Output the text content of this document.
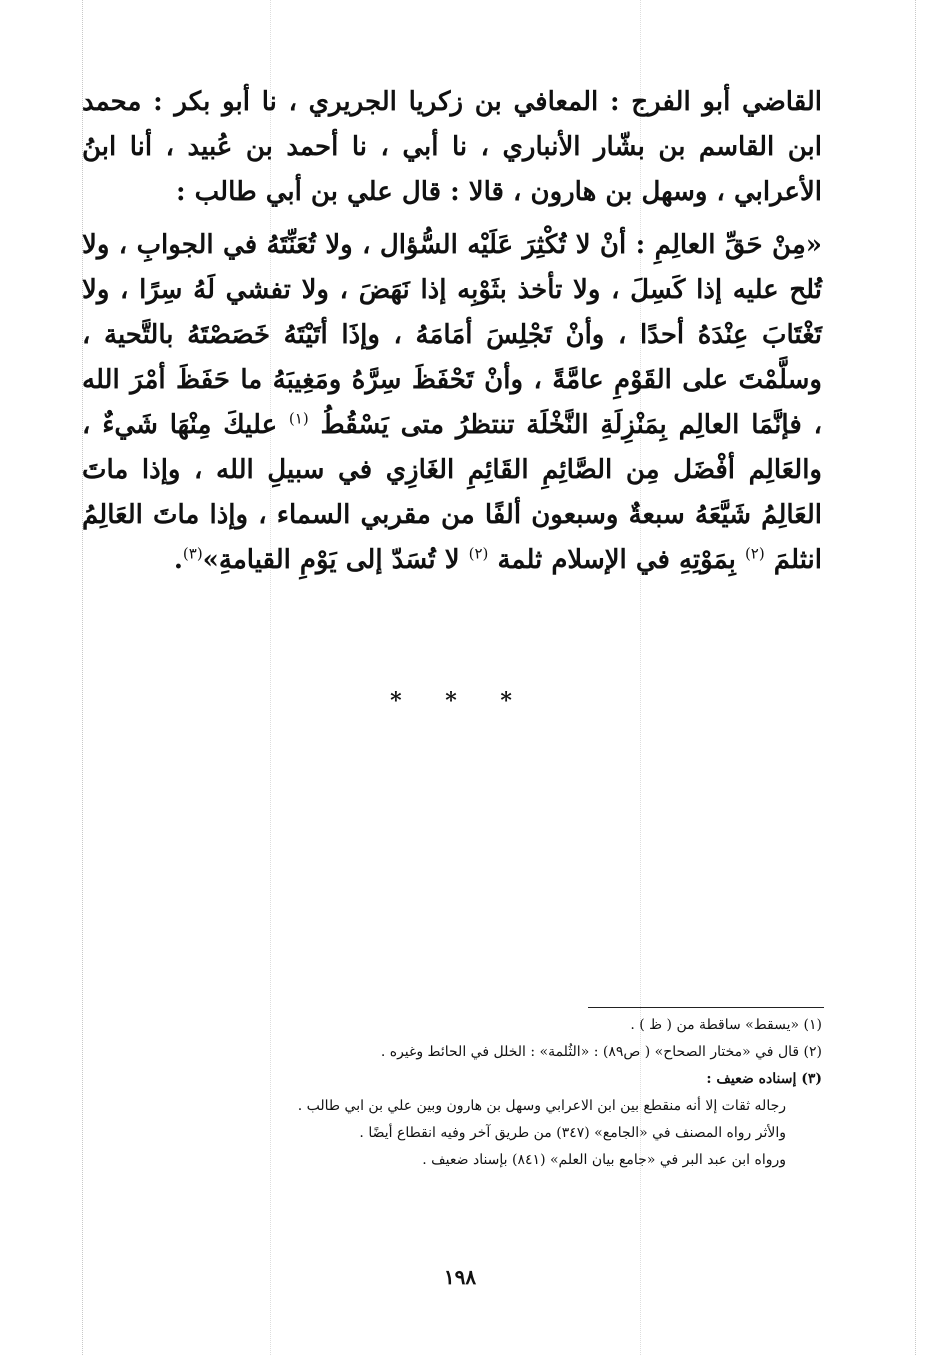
القاضي أبو الفرج : المعافي بن زكريا الجريري ، نا أبو بكر : محمد ابن القاسم بن بشّار الأنباري ، نا أبي ، نا أحمد بن عُبيد ، أنا ابنُ الأعرابي ، وسهل بن هارون ، قالا : قال علي بن أبي طالب :

«مِنْ حَقِّ العالِمِ : أنْ لا تُكْثِرَ عَلَيْه السُّؤال ، ولا تُعَنِّتَهُ في الجوابِ ، ولا تُلح عليه إذا كَسِلَ ، ولا تأخذ بثَوْبِه إذا نَهَضَ ، ولا تفشي لَهُ سِرًا ، ولا تَغْتَابَ عِنْدَهُ أحدًا ، وأنْ تَجْلِسَ أمَامَهُ ، وإذَا أتَيْتَهُ خَصَصْتَهُ بالتَّحية ، وسلَّمْتَ على القَوْمِ عامَّةً ، وأنْ تَحْفَظَ سِرَّهُ ومَغِيبَهُ ما حَفَظَ أمْرَ الله ، فإنَّمَا العالِم بِمَنْزِلَةِ النَّخْلَة تنتظرُ متى يَسْقُطُ $^{(١)}$ عليكَ مِنْهَا شَيءٌ ، والعَالِم أفْضَل مِن الصَّائِمِ القَائِمِ الغَازِي في سبيلِ الله ، وإذا ماتَ العَالِمُ شَيَّعَهُ سبعةٌ وسبعون ألفًا من مقربي السماء ، وإذا ماتَ العَالِمُ انثلمَ $^{(٢)}$ بِمَوْتِهِ في الإسلام ثلمة $^{(٢)}$ لا تُسَدّ إلى يَوْمِ القيامةِ»$^{(٣)}$.

* * *

(١) «يسقط» ساقطة من ( ظ ) .

(٢) قال في «مختار الصحاح» ( ص٨٩) : «الثُلمة» : الخلل في الحائط وغيره .

(٣) إسناده ضعيف :

رجاله ثقات إلا أنه منقطع بين ابن الاعرابي وسهل بن هارون وبين علي بن ابي طالب .

والأثر رواه المصنف في «الجامع» (٣٤٧) من طريق آخر وفيه انقطاع أيضًا .

ورواه ابن عبد البر في «جامع بيان العلم» (٨٤١) بإسناد ضعيف .

١٩٨
